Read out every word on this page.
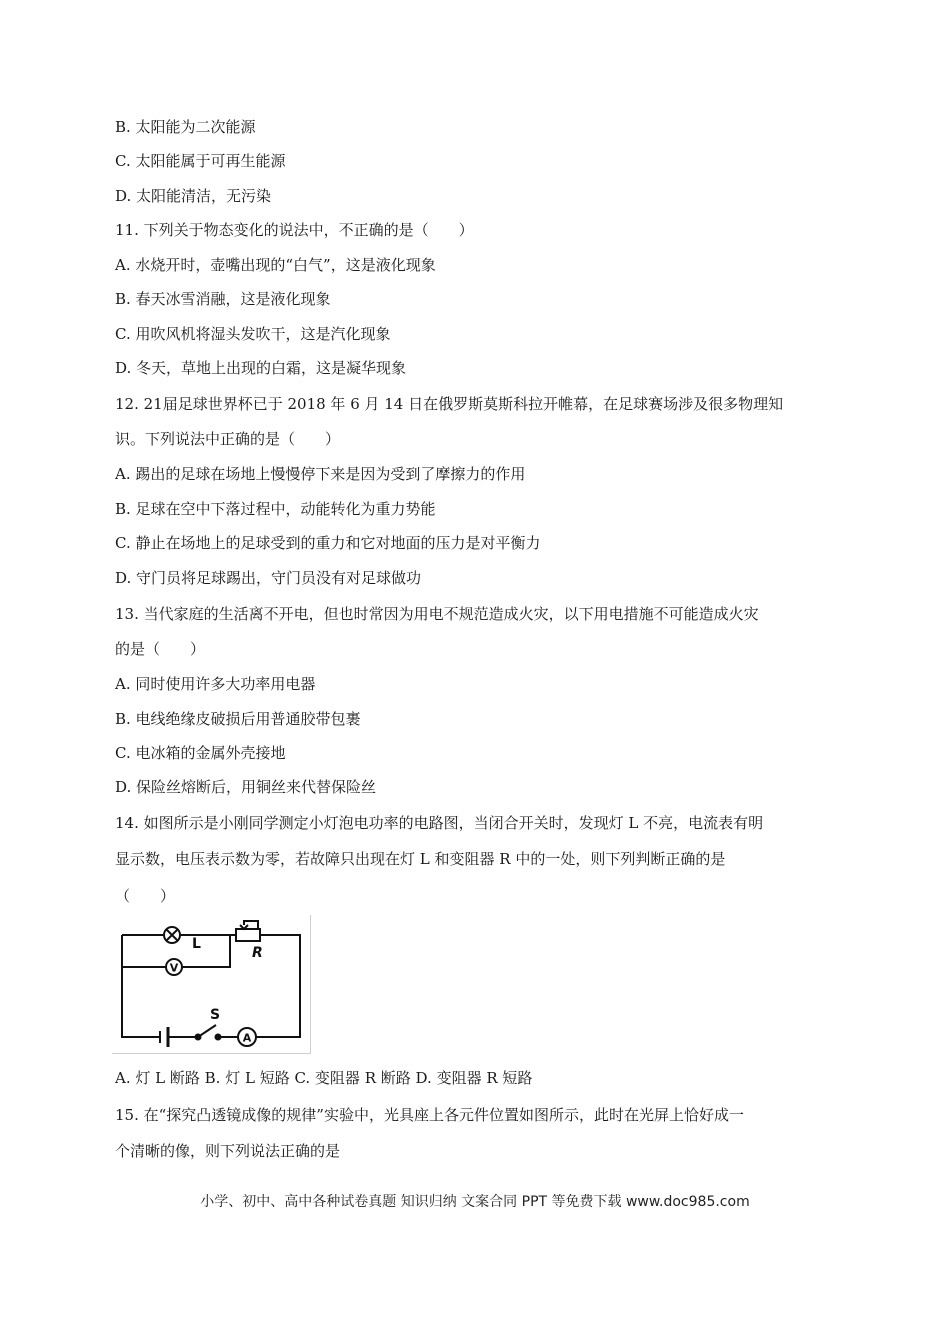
B. 太阳能为二次能源
C. 太阳能属于可再生能源
D. 太阳能清洁，无污染
11. 下列关于物态变化的说法中，不正确的是（　　）
A. 水烧开时，壶嘴出现的“白气”，这是液化现象
B. 春天冰雪消融，这是液化现象
C. 用吹风机将湿头发吹干，这是汽化现象
D. 冬天，草地上出现的白霜，这是凝华现象
12. 21届足球世界杯已于 2018 年 6 月 14 日在俄罗斯莫斯科拉开帷幕，在足球赛场涉及很多物理知
识。下列说法中正确的是（　　）
A. 踢出的足球在场地上慢慢停下来是因为受到了摩擦力的作用
B. 足球在空中下落过程中，动能转化为重力势能
C. 静止在场地上的足球受到的重力和它对地面的压力是对平衡力
D. 守门员将足球踢出，守门员没有对足球做功
13. 当代家庭的生活离不开电，但也时常因为用电不规范造成火灾，以下用电措施不可能造成火灾
的是（　　）
A. 同时使用许多大功率用电器
B. 电线绝缘皮破损后用普通胶带包裹
C. 电冰箱的金属外壳接地
D. 保险丝熔断后，用铜丝来代替保险丝
14. 如图所示是小刚同学测定小灯泡电功率的电路图，当闭合开关时，发现灯 L 不亮，电流表有明
显示数，电压表示数为零，若故障只出现在灯 L 和变阻器 R 中的一处，则下列判断正确的是
（　　）
V
A
L
R
S
A. 灯 L 断路 B. 灯 L 短路 C. 变阻器 R 断路 D. 变阻器 R 短路
15. 在“探究凸透镜成像的规律”实验中，光具座上各元件位置如图所示，此时在光屏上恰好成一
个清晰的像，则下列说法正确的是
小学、初中、高中各种试卷真题 知识归纳 文案合同 PPT 等免费下载 www.doc985.com
